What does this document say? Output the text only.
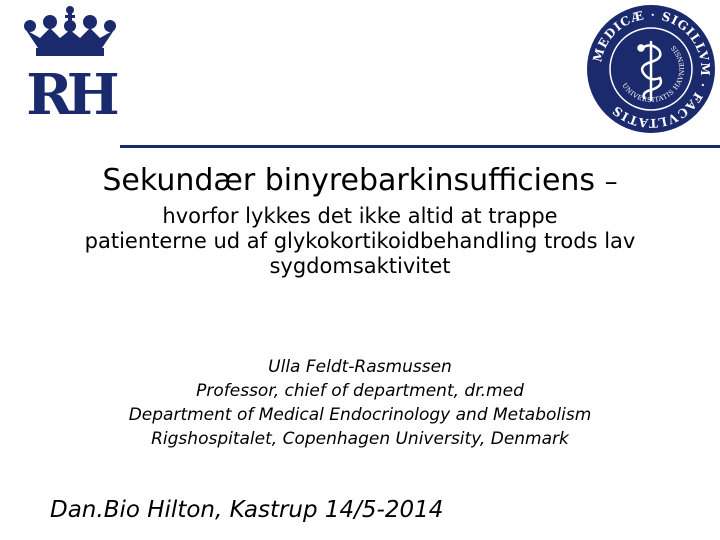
RH
MEDICÆ · SIGILLVM · FACVLTATIS
UNIVERSITATIS HAVNIENSIS
Sekundær binyrebarkinsufficiens –
hvorfor lykkes det ikke altid at trappe
patienterne ud af glykokortikoidbehandling trods lav
sygdomsaktivitet
Ulla Feldt-Rasmussen
Professor, chief of department, dr.med
Department of Medical Endocrinology and Metabolism
Rigshospitalet, Copenhagen University, Denmark
Dan.Bio Hilton, Kastrup 14/5-2014
